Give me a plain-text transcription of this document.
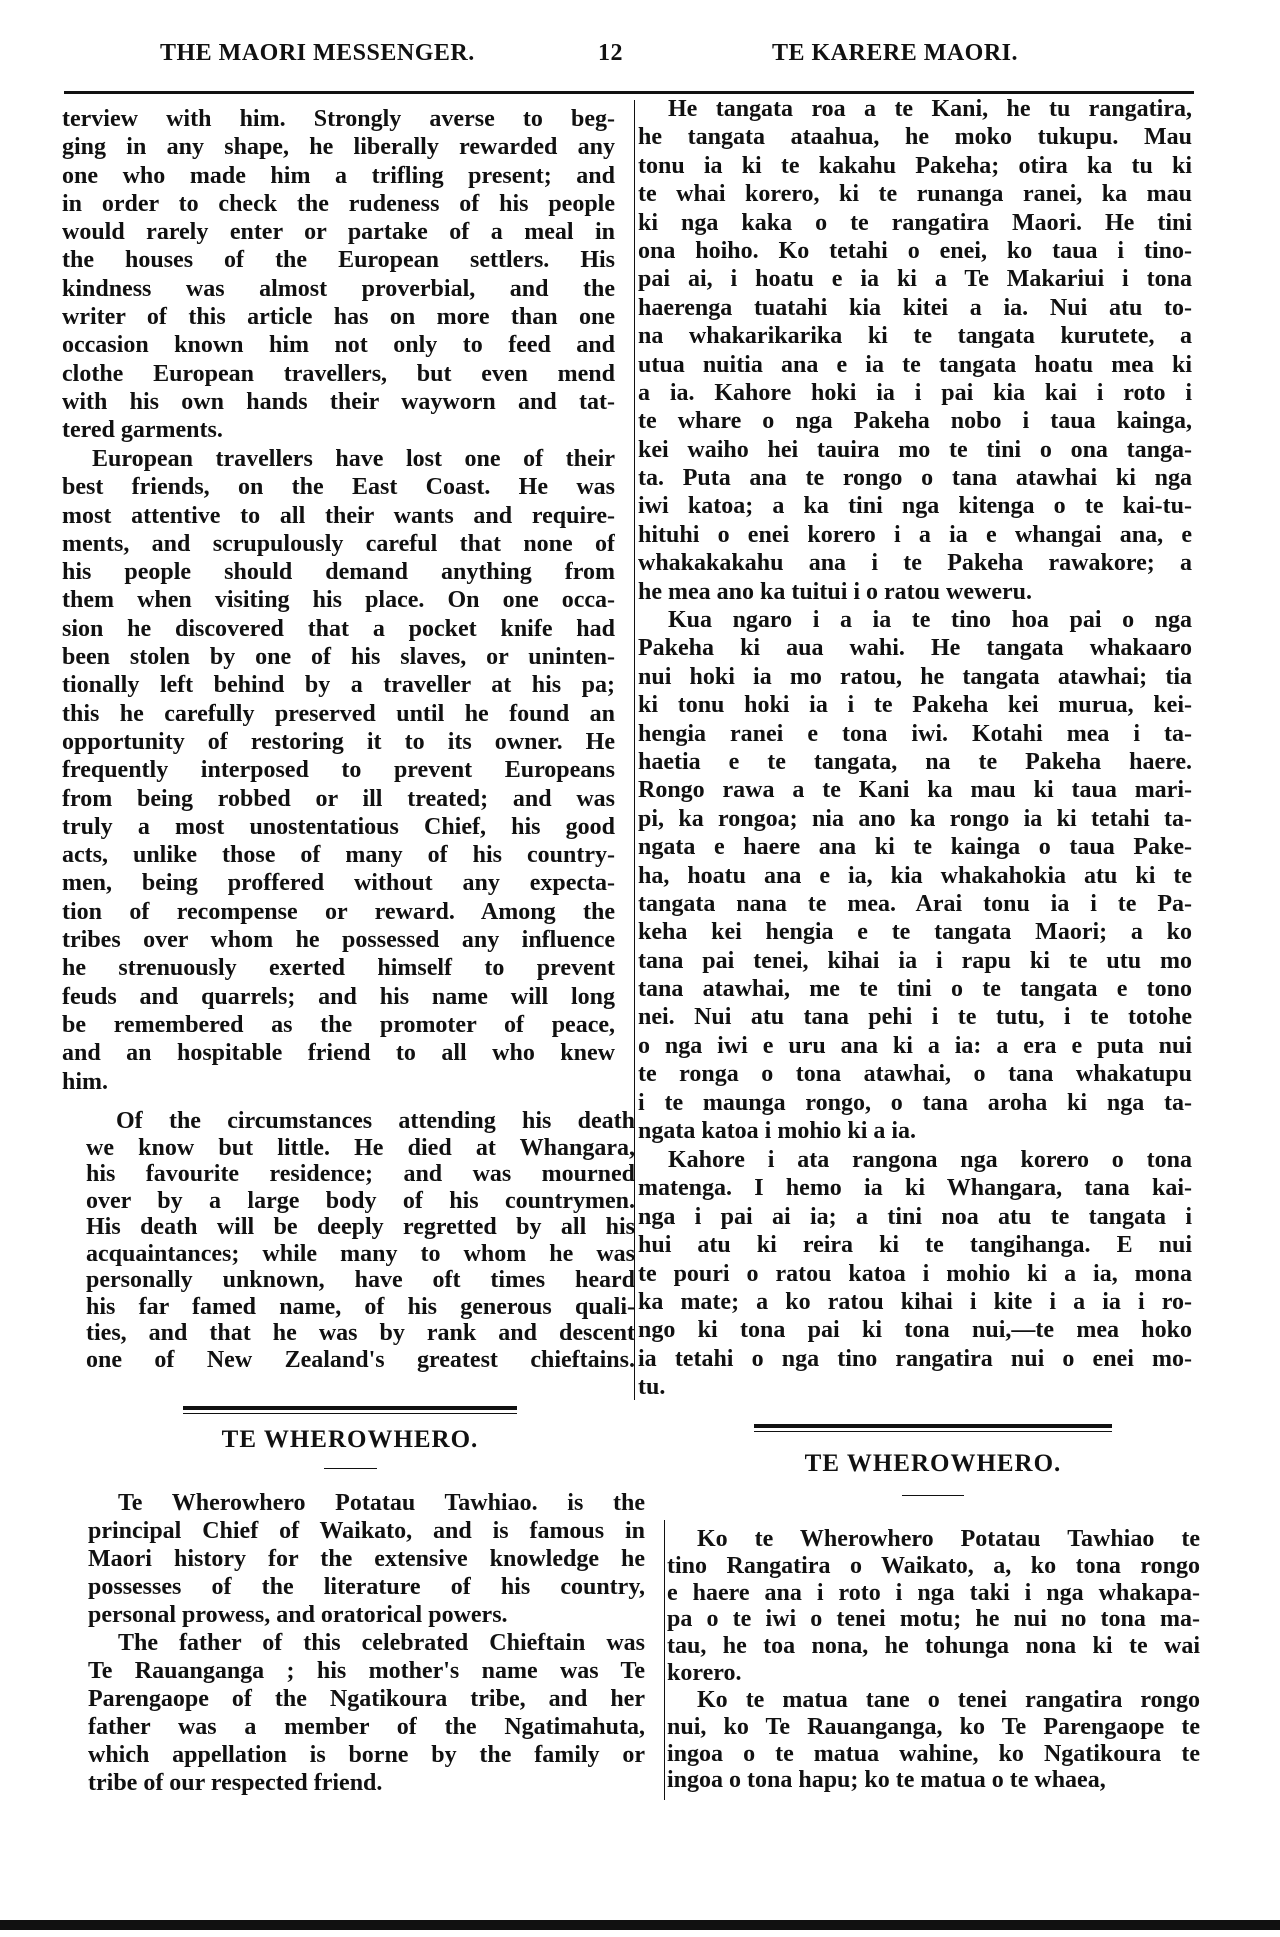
THE MAORI MESSENGER.	12	TE KARERE MAORI.
terview with him. Strongly averse to beg-
ging in any shape, he liberally rewarded any
one who made him a trifling present; and
in order to check the rudeness of his people
would rarely enter or partake of a meal in
the houses of the European settlers. His
kindness was almost proverbial, and the
writer of this article has on more than one
occasion known him not only to feed and
clothe European travellers, but even mend
with his own hands their wayworn and tat-
tered garments.
European travellers have lost one of their
best friends, on the East Coast. He was
most attentive to all their wants and require-
ments, and scrupulously careful that none of
his people should demand anything from
them when visiting his place. On one occa-
sion he discovered that a pocket knife had
been stolen by one of his slaves, or uninten-
tionally left behind by a traveller at his pa;
this he carefully preserved until he found an
opportunity of restoring it to its owner. He
frequently interposed to prevent Europeans
from being robbed or ill treated; and was
truly a most unostentatious Chief, his good
acts, unlike those of many of his country-
men, being proffered without any expecta-
tion of recompense or reward. Among the
tribes over whom he possessed any influence
he strenuously exerted himself to prevent
feuds and quarrels; and his name will long
be remembered as the promoter of peace,
and an hospitable friend to all who knew
him.
Of the circumstances attending his death
we know but little. He died at Whangara,
his favourite residence; and was mourned
over by a large body of his countrymen.
His death will be deeply regretted by all his
acquaintances; while many to whom he was
personally unknown, have oft times heard
his far famed name, of his generous quali-
ties, and that he was by rank and descent
one of New Zealand's greatest chieftains.
TE WHEROWHERO.
Te Wherowhero Potatau Tawhiao. is the
principal Chief of Waikato, and is famous in
Maori history for the extensive knowledge he
possesses of the literature of his country,
personal prowess, and oratorical powers.
The father of this celebrated Chieftain was
Te Rauanganga ; his mother's name was Te
Parengaope of the Ngatikoura tribe, and her
father was a member of the Ngatimahuta,
which appellation is borne by the family or
tribe of our respected friend.
He tangata roa a te Kani, he tu rangatira,
he tangata ataahua, he moko tukupu. Mau
tonu ia ki te kakahu Pakeha; otira ka tu ki
te whai korero, ki te runanga ranei, ka mau
ki nga kaka o te rangatira Maori. He tini
ona hoiho. Ko tetahi o enei, ko taua i tino-
pai ai, i hoatu e ia ki a Te Makariui i tona
haerenga tuatahi kia kitei a ia. Nui atu to-
na whakarikarika ki te tangata kurutete, a
utua nuitia ana e ia te tangata hoatu mea ki
a ia. Kahore hoki ia i pai kia kai i roto i
te whare o nga Pakeha nobo i taua kainga,
kei waiho hei tauira mo te tini o ona tanga-
ta. Puta ana te rongo o tana atawhai ki nga
iwi katoa; a ka tini nga kitenga o te kai-tu-
hituhi o enei korero i a ia e whangai ana, e
whakakakahu ana i te Pakeha rawakore; a
he mea ano ka tuitui i o ratou weweru.
Kua ngaro i a ia te tino hoa pai o nga
Pakeha ki aua wahi. He tangata whakaaro
nui hoki ia mo ratou, he tangata atawhai; tia
ki tonu hoki ia i te Pakeha kei murua, kei-
hengia ranei e tona iwi. Kotahi mea i ta-
haetia e te tangata, na te Pakeha haere.
Rongo rawa a te Kani ka mau ki taua mari-
pi, ka rongoa; nia ano ka rongo ia ki tetahi ta-
ngata e haere ana ki te kainga o taua Pake-
ha, hoatu ana e ia, kia whakahokia atu ki te
tangata nana te mea. Arai tonu ia i te Pa-
keha kei hengia e te tangata Maori; a ko
tana pai tenei, kihai ia i rapu ki te utu mo
tana atawhai, me te tini o te tangata e tono
nei. Nui atu tana pehi i te tutu, i te totohe
o nga iwi e uru ana ki a ia: a era e puta nui
te ronga o tona atawhai, o tana whakatupu
i te maunga rongo, o tana aroha ki nga ta-
ngata katoa i mohio ki a ia.
Kahore i ata rangona nga korero o tona
matenga. I hemo ia ki Whangara, tana kai-
nga i pai ai ia; a tini noa atu te tangata i
hui atu ki reira ki te tangihanga. E nui
te pouri o ratou katoa i mohio ki a ia, mona
ka mate; a ko ratou kihai i kite i a ia i ro-
ngo ki tona pai ki tona nui,—te mea hoko
ia tetahi o nga tino rangatira nui o enei mo-
tu.
TE WHEROWHERO.
Ko te Wherowhero Potatau Tawhiao te
tino Rangatira o Waikato, a, ko tona rongo
e haere ana i roto i nga taki i nga whakapa-
pa o te iwi o tenei motu; he nui no tona ma-
tau, he toa nona, he tohunga nona ki te wai
korero.
Ko te matua tane o tenei rangatira rongo
nui, ko Te Rauanganga, ko Te Parengaope te
ingoa o te matua wahine, ko Ngatikoura te
ingoa o tona hapu; ko te matua o te whaea,
